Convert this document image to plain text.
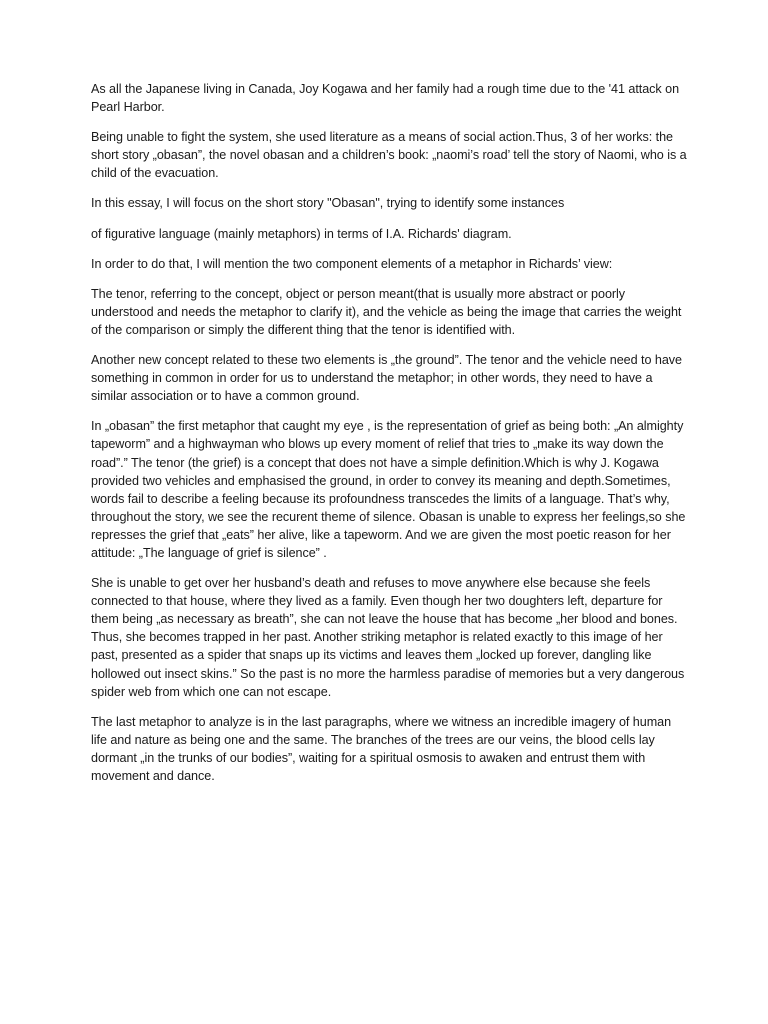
As all the Japanese living in Canada, Joy Kogawa and her family had a rough time due to the '41 attack on Pearl Harbor.

Being unable to fight the system, she used literature as a means of social action.Thus, 3 of her works: the short story „obasan”, the novel obasan and a children’s book: „naomi’s road’ tell the story of Naomi, who is a child of the evacuation.

In this essay, I will focus on the short story "Obasan", trying to identify some instances

of figurative language (mainly metaphors) in terms of I.A. Richards' diagram.

In order to do that, I will mention the two component elements of a metaphor in Richards’ view:

The tenor, referring to the concept, object or person meant(that is usually more abstract or poorly understood and needs the metaphor to clarify it), and the vehicle as being the image that carries the weight of the comparison or simply the different thing that the tenor is identified with.

Another new concept related to these two elements is „the ground”. The tenor and the vehicle need to have something in common in order for us to understand the metaphor; in other words, they need to have a similar association or to have a common ground.

In „obasan” the first metaphor that caught my eye , is the representation of grief as being both: „An almighty tapeworm” and a highwayman who blows up every moment of relief that tries to „make its way down the road”.” The tenor (the grief) is a concept that does not have a simple definition.Which is why J. Kogawa provided two vehicles and emphasised the ground, in order to convey its meaning and depth.Sometimes, words fail to describe a feeling because its profoundness transcedes the limits of a language. That’s why, throughout the story, we see the recurent theme of silence. Obasan is unable to express her feelings,so she represses the grief that „eats” her alive, like a tapeworm. And we are given the most poetic reason for her attitude: „The language of grief is silence” .

She is unable to get over her husband’s death and refuses to move anywhere else because she feels connected to that house, where they lived as a family. Even though her two doughters left, departure for them being „as necessary as breath”, she can not leave the house that has become „her blood and bones. Thus, she becomes trapped in her past. Another striking metaphor is related exactly to this image of her past, presented as a spider that snaps up its victims and leaves them „locked up forever, dangling like hollowed out insect skins.” So the past is no more the harmless paradise of memories but a very dangerous spider web from which one can not escape.

The last metaphor to analyze is in the last paragraphs, where we witness an incredible imagery of human life and nature as being one and the same. The branches of the trees are our veins, the blood cells lay dormant „in the trunks of our bodies”, waiting for a spiritual osmosis to awaken and entrust them with movement and dance.
